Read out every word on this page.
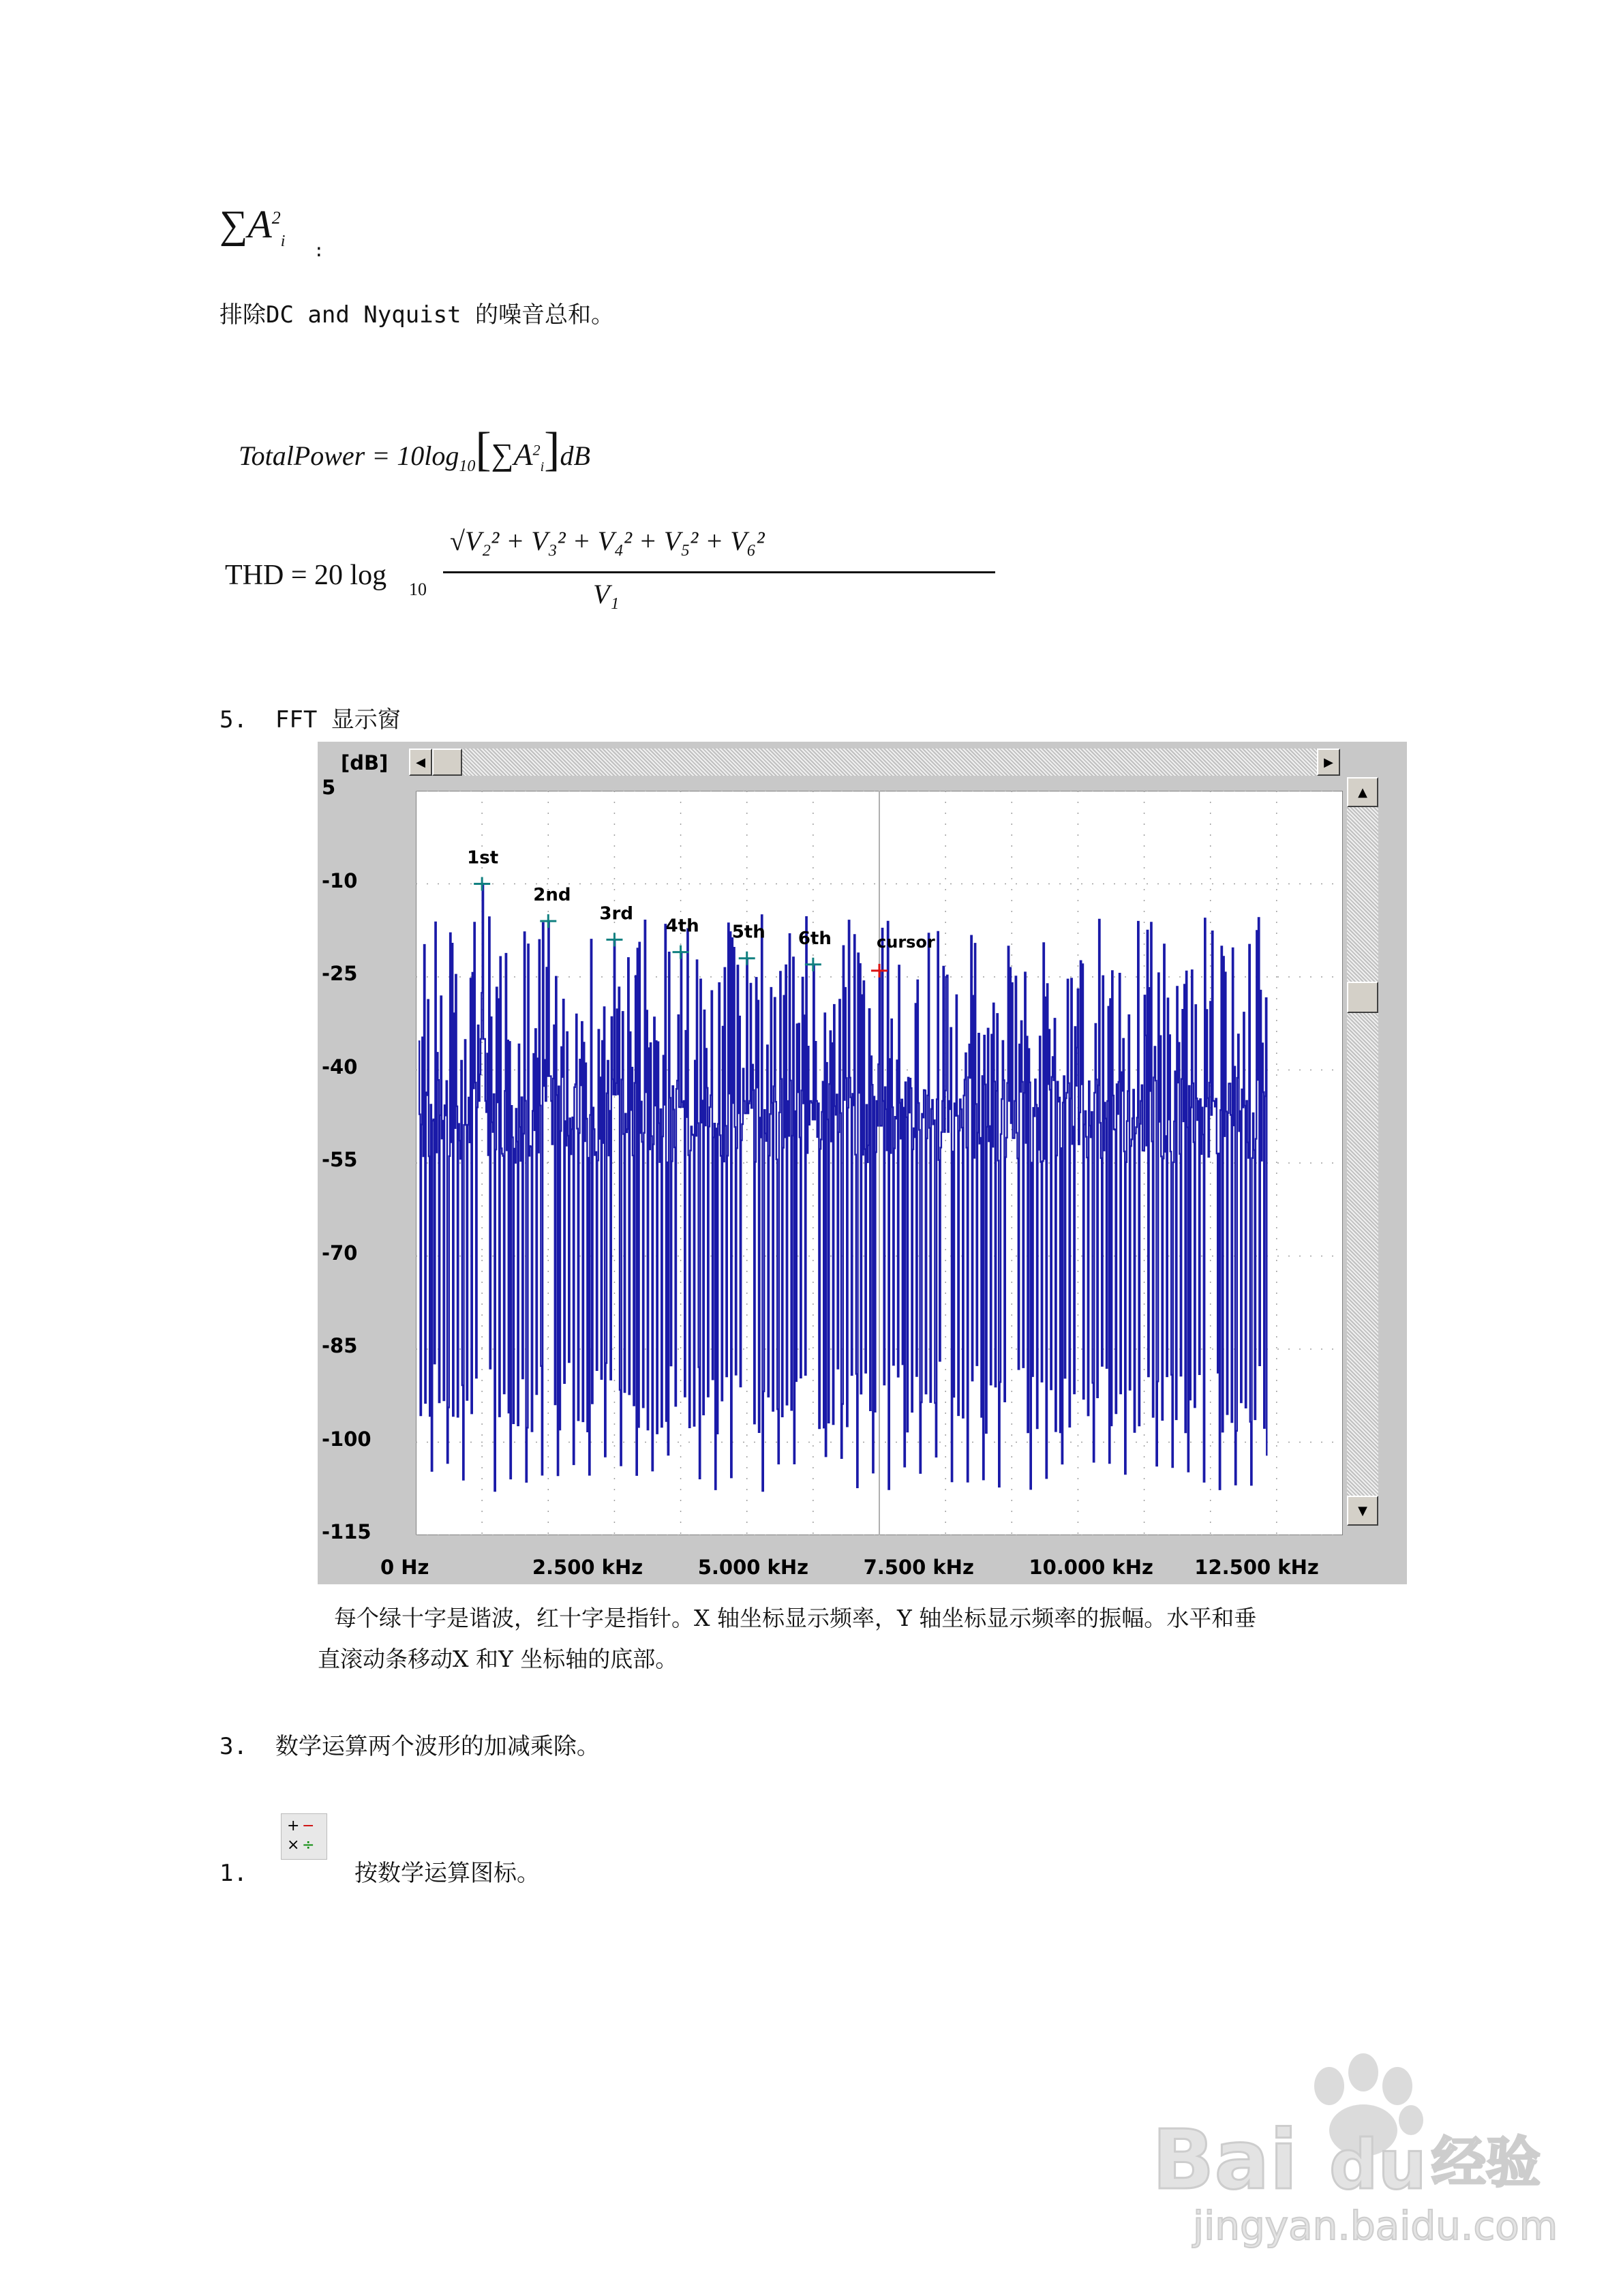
$\sum A^2_i$ :
排除DC and Nyquist 的噪音总和。
TotalPower = $10\log_{10}[\sum A^2_i]dB$
THD = 20 log 10
√V₂² + V₃² + V₄² + V₅² + V₆²
V₁
5.  FFT 显示窗
[dB]	◀	▶
▲
▼
1st
2nd
3rd
4th 5th 6th	cursor
5
-10
-25
-40
-55
-70
-85
-100
-115
0 Hz	2.500 kHz	5.000 kHz	7.500 kHz	10.000 kHz 12.500 kHz
每个绿十字是谐波，红十字是指针。X 轴坐标显示频率，Y 轴坐标显示频率的振幅。水平和垂
直滚动条移动X 和Y 坐标轴的底部。
3.  数学运算两个波形的加减乘除。
1.
+ −
× ÷
按数学运算图标。
Bai du 经验
jingyan.baidu.com
